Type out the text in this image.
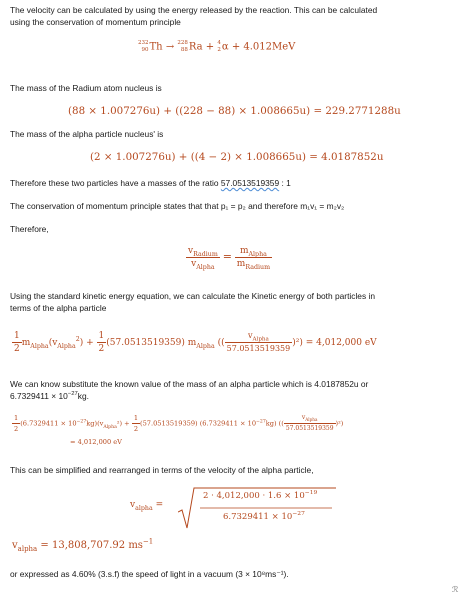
The velocity can be calculated by using the energy released by the reaction. This can be calculated
using the conservation of momentum principle
232
90 Th → 228
88 Ra + 4
2 α + 4.012MeV
The mass of the Radium atom nucleus is
(88 × 1.007276u) + ((228 − 88) × 1.008665u) = 229.2771288u
The mass of the alpha particle nucleus' is
(2 × 1.007276u) + ((4 − 2) × 1.008665u) = 4.0187852u
Therefore these two particles have a masses of the ratio 57.0513519359 : 1
The conservation of momentum principle states that that p₁ = p₂ and therefore m₁v₁ = m₂v₂
Therefore,
$\frac{v_{Radium}}{v_{Alpha}} = \frac{m_{Alpha}}{m_{Radium}}$
Using the standard kinetic energy equation, we can calculate the Kinetic energy of both particles in
terms of the alpha particle
$\frac{1}{2} m_{Alpha}(v_{Alpha}^2) + \frac{1}{2} (57.0513519359)$ $m_{Alpha}$ (( $\frac{v_{Alpha}}{57.0513519359} )^2) = 4,012,000$ eV
We can know substitute the known value of the mass of an alpha particle which is 4.0187852u or
$6.7329411 \times 10^{-27}kg$.
$\frac{1}{2} (6.7329411 \times 10^{-27}kg)(v_{Alpha}^2) + \frac{1}{2} (57.0513519359) (6.7329411 \times 10^{-27}kg)$ (( $\frac{v_{Alpha}}{57.0513519359} )^2$)
= 4,012,000 eV
This can be simplified and rearranged in terms of the velocity of the alpha particle,
$v_{alpha}$ =
$2 \cdot 4,012,000 \cdot 1.6 \times 10^{-19}$
$6.7329411 \times 10^{-27}$
$v_{alpha} = 13,808,707.92$ $ms^{-1}$
or expressed as 4.60% (3.s.f) the speed of light in a vacuum (3 × 10⁸ms⁻¹).
ℛ
